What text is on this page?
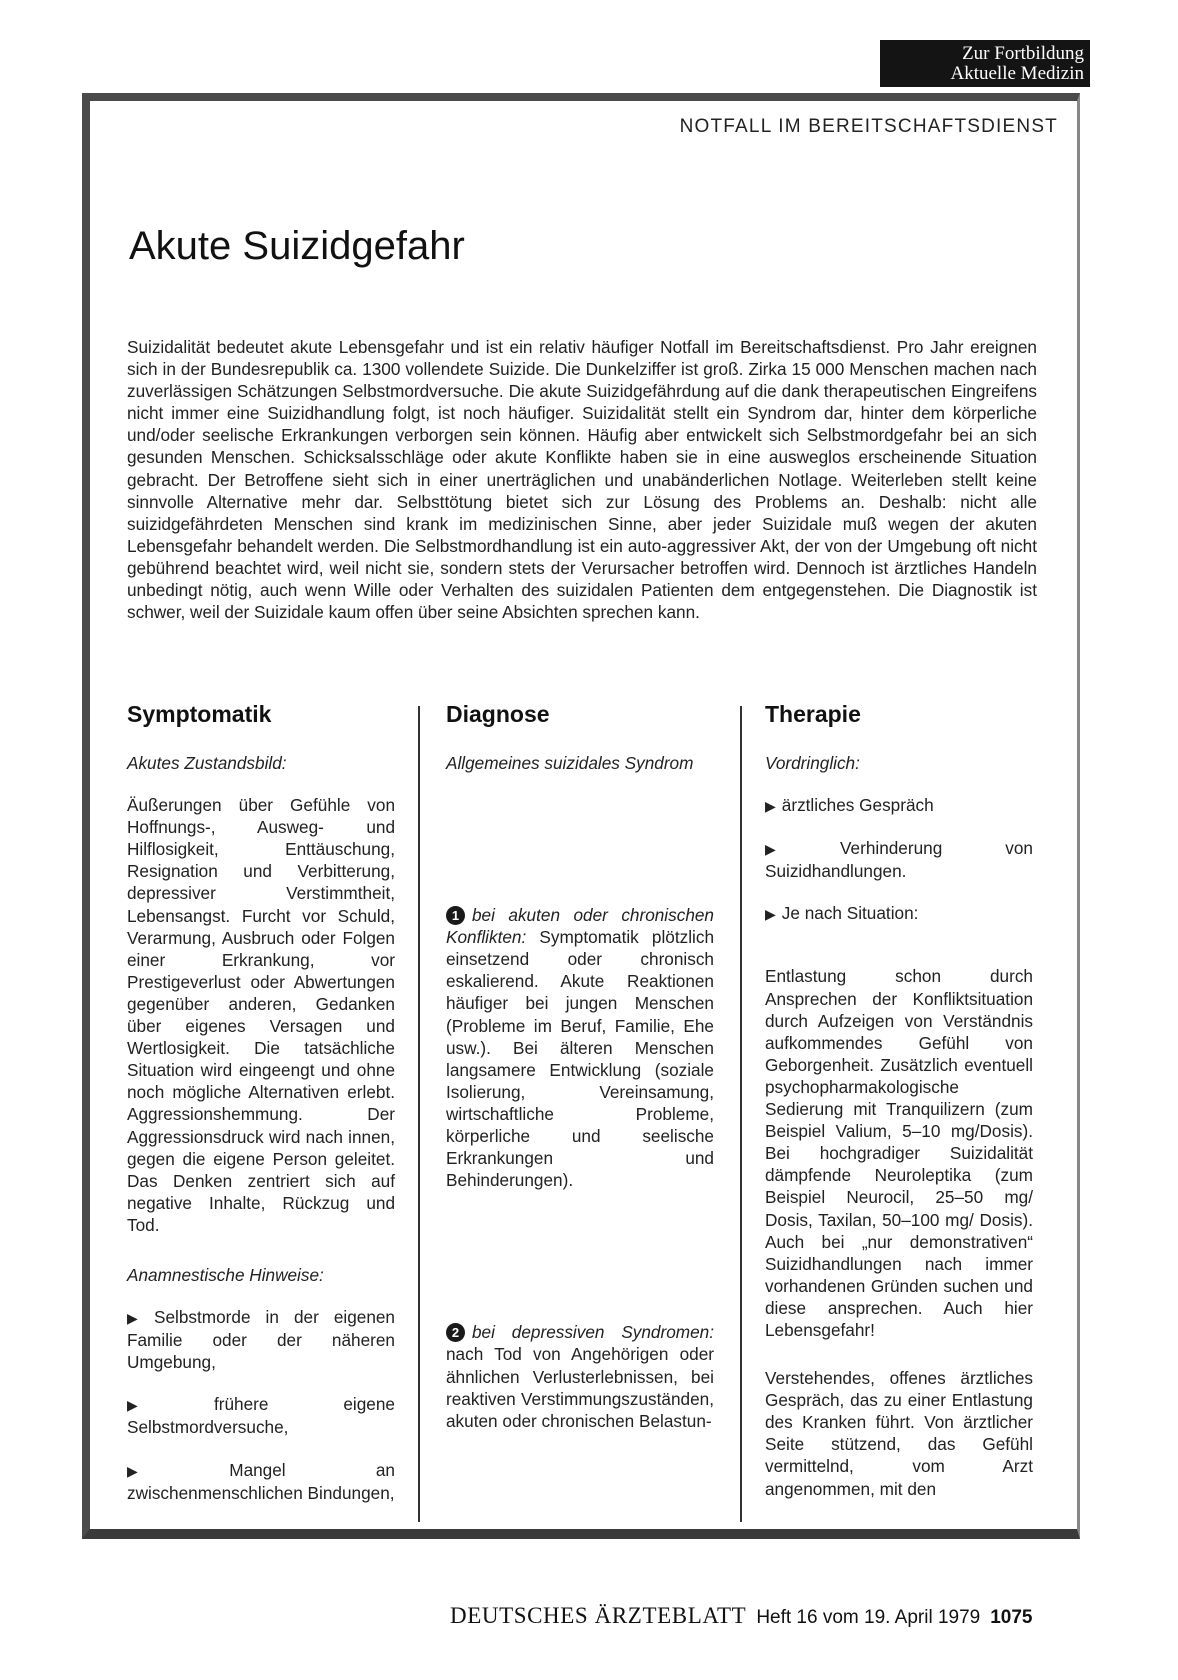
Zur Fortbildung
Aktuelle Medizin
NOTFALL IM BEREITSCHAFTSDIENST
Akute Suizidgefahr
Suizidalität bedeutet akute Lebensgefahr und ist ein relativ häufiger Notfall im Bereitschaftsdienst. Pro Jahr ereignen sich in der Bundesrepublik ca. 1300 vollendete Suizide. Die Dunkelziffer ist groß. Zirka 15 000 Menschen machen nach zuverlässigen Schätzungen Selbstmordversuche. Die akute Suizidgefährdung auf die dank therapeutischen Eingreifens nicht immer eine Suizidhandlung folgt, ist noch häufiger. Suizidalität stellt ein Syndrom dar, hinter dem körperliche und/oder seelische Erkrankungen verborgen sein können. Häufig aber entwickelt sich Selbstmordgefahr bei an sich gesunden Menschen. Schicksalsschläge oder akute Konflikte haben sie in eine ausweglos erscheinende Situation gebracht. Der Betroffene sieht sich in einer unerträglichen und unabänderlichen Notlage. Weiterleben stellt keine sinnvolle Alternative mehr dar. Selbsttötung bietet sich zur Lösung des Problems an. Deshalb: nicht alle suizidgefährdeten Menschen sind krank im medizinischen Sinne, aber jeder Suizidale muß wegen der akuten Lebensgefahr behandelt werden. Die Selbstmordhandlung ist ein auto-aggressiver Akt, der von der Umgebung oft nicht gebührend beachtet wird, weil nicht sie, sondern stets der Verursacher betroffen wird. Dennoch ist ärztliches Handeln unbedingt nötig, auch wenn Wille oder Verhalten des suizidalen Patienten dem entgegenstehen. Die Diagnostik ist schwer, weil der Suizidale kaum offen über seine Absichten sprechen kann.
Symptomatik
Akutes Zustandsbild:

Äußerungen über Gefühle von Hoffnungs-, Ausweg- und Hilflosigkeit, Enttäuschung, Resignation und Verbitterung, depressiver Verstimmtheit, Lebensangst. Furcht vor Schuld, Verarmung, Ausbruch oder Folgen einer Erkrankung, vor Prestigeverlust oder Abwertungen gegenüber anderen, Gedanken über eigenes Versagen und Wertlosigkeit. Die tatsächliche Situation wird eingeengt und ohne noch mögliche Alternativen erlebt. Aggressionshemmung. Der Aggressionsdruck wird nach innen, gegen die eigene Person geleitet. Das Denken zentriert sich auf negative Inhalte, Rückzug und Tod.

Anamnestische Hinweise:

▶ Selbstmorde in der eigenen Familie oder der näheren Umgebung,

▶ frühere eigene Selbstmordversuche,

▶ Mangel an zwischenmenschlichen Bindungen,

Diagnose
Allgemeines suizidales Syndrom

1 bei akuten oder chronischen Konflikten: Symptomatik plötzlich einsetzend oder chronisch eskalierend. Akute Reaktionen häufiger bei jungen Menschen (Probleme im Beruf, Familie, Ehe usw.). Bei älteren Menschen langsamere Entwicklung (soziale Isolierung, Vereinsamung, wirtschaftliche Probleme, körperliche und seelische Erkrankungen und Behinderungen).

2 bei depressiven Syndromen: nach Tod von Angehörigen oder ähnlichen Verlusterlebnissen, bei reaktiven Verstimmungszuständen, akuten oder chronischen Belastun-

Therapie
Vordringlich:

▶ ärztliches Gespräch

▶ Verhinderung von Suizidhandlungen.

▶ Je nach Situation:

Entlastung schon durch Ansprechen der Konfliktsituation durch Aufzeigen von Verständnis aufkommendes Gefühl von Geborgenheit. Zusätzlich eventuell psychopharmakologische Sedierung mit Tranquilizern (zum Beispiel Valium, 5–10 mg/Dosis). Bei hochgradiger Suizidalität dämpfende Neuroleptika (zum Beispiel Neurocil, 25–50 mg/ Dosis, Taxilan, 50–100 mg/ Dosis). Auch bei „nur demonstrativen“ Suizidhandlungen nach immer vorhandenen Gründen suchen und diese ansprechen. Auch hier Lebensgefahr!

Verstehendes, offenes ärztliches Gespräch, das zu einer Entlastung des Kranken führt. Von ärztlicher Seite stützend, das Gefühl vermittelnd, vom Arzt angenommen, mit den

DEUTSCHES ÄRZTEBLATT Heft 16 vom 19. April 1979 1075
